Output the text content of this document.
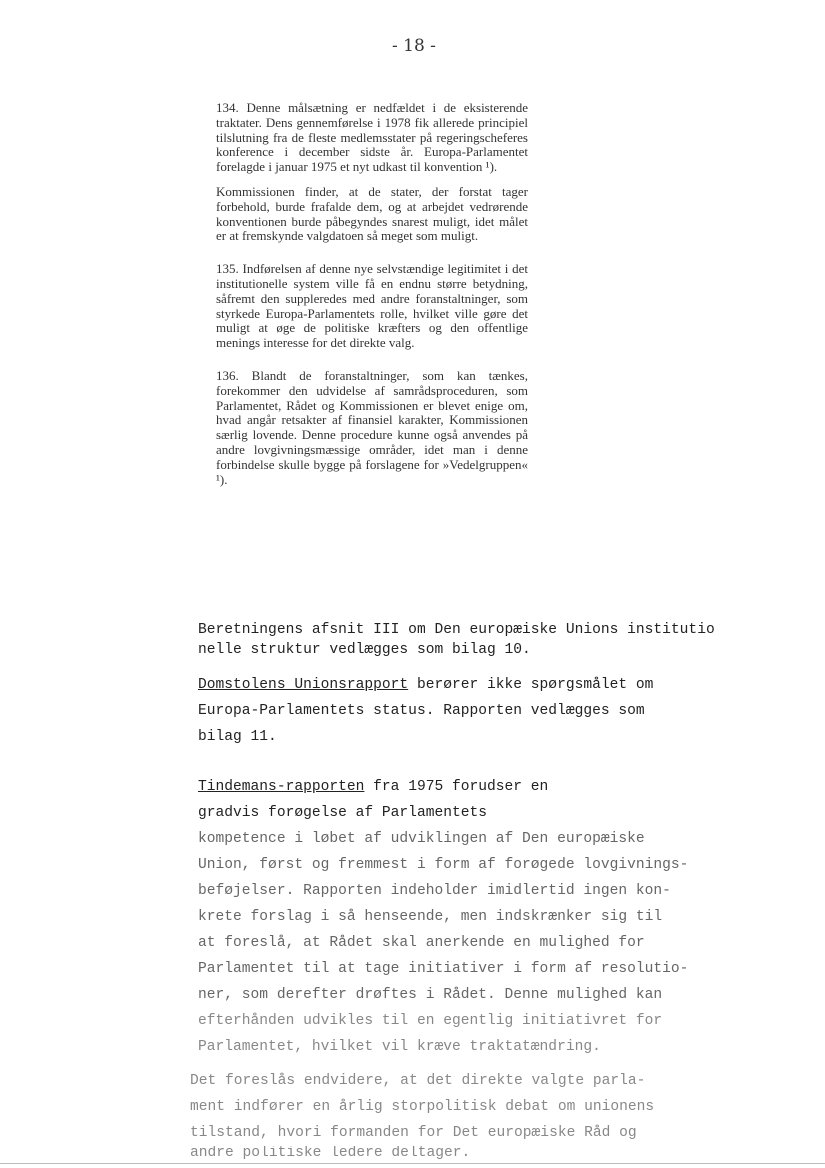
- 18 -

134. Denne målsætning er nedfældet i de eksisterende traktater. Dens gennemførelse i 1978 fik allerede principiel tilslutning fra de fleste medlemsstater på regeringscheferes konference i december sidste år. Europa-Parlamentet forelagde i januar 1975 et nyt udkast til konvention ¹).

Kommissionen finder, at de stater, der forstat tager forbehold, burde frafalde dem, og at arbejdet vedrørende konventionen burde påbegyndes snarest muligt, idet målet er at fremskynde valgdatoen så meget som muligt.

135. Indførelsen af denne nye selvstændige legitimitet i det institutionelle system ville få en endnu større betydning, såfremt den suppleredes med andre foranstaltninger, som styrkede Europa-Parlamentets rolle, hvilket ville gøre det muligt at øge de politiske kræfters og den offentlige menings interesse for det direkte valg.

136. Blandt de foranstaltninger, som kan tænkes, forekommer den udvidelse af samrådsproceduren, som Parlamentet, Rådet og Kommissionen er blevet enige om, hvad angår retsakter af finansiel karakter, Kommissionen særlig lovende. Denne procedure kunne også anvendes på andre lovgivningsmæssige områder, idet man i denne forbindelse skulle bygge på forslagene for »Vedelgruppen« ¹).

Beretningens afsnit III om Den europæiske Unions institutio
nelle struktur vedlægges som bilag 10.
Domstolens Unionsrapport berører ikke spørgsmålet om
Europa-Parlamentets status. Rapporten vedlægges som
bilag 11.
Tindemans-rapporten fra 1975 forudser en
gradvis forøgelse af Parlamentets
kompetence i løbet af udviklingen af Den europæiske
Union, først og fremmest i form af forøgede lovgivnings-
beføjelser. Rapporten indeholder imidlertid ingen kon-
krete forslag i så henseende, men indskrænker sig til
at foreslå, at Rådet skal anerkende en mulighed for
Parlamentet til at tage initiativer i form af resolutio-
ner, som derefter drøftes i Rådet. Denne mulighed kan
efterhånden udvikles til en egentlig initiativret for
Parlamentet, hvilket vil kræve traktatændring.
Det foreslås endvidere, at det direkte valgte parla-
ment indfører en årlig storpolitisk debat om unionens
tilstand, hvori formanden for Det europæiske Råd og
andre politiske ledere deltager.
